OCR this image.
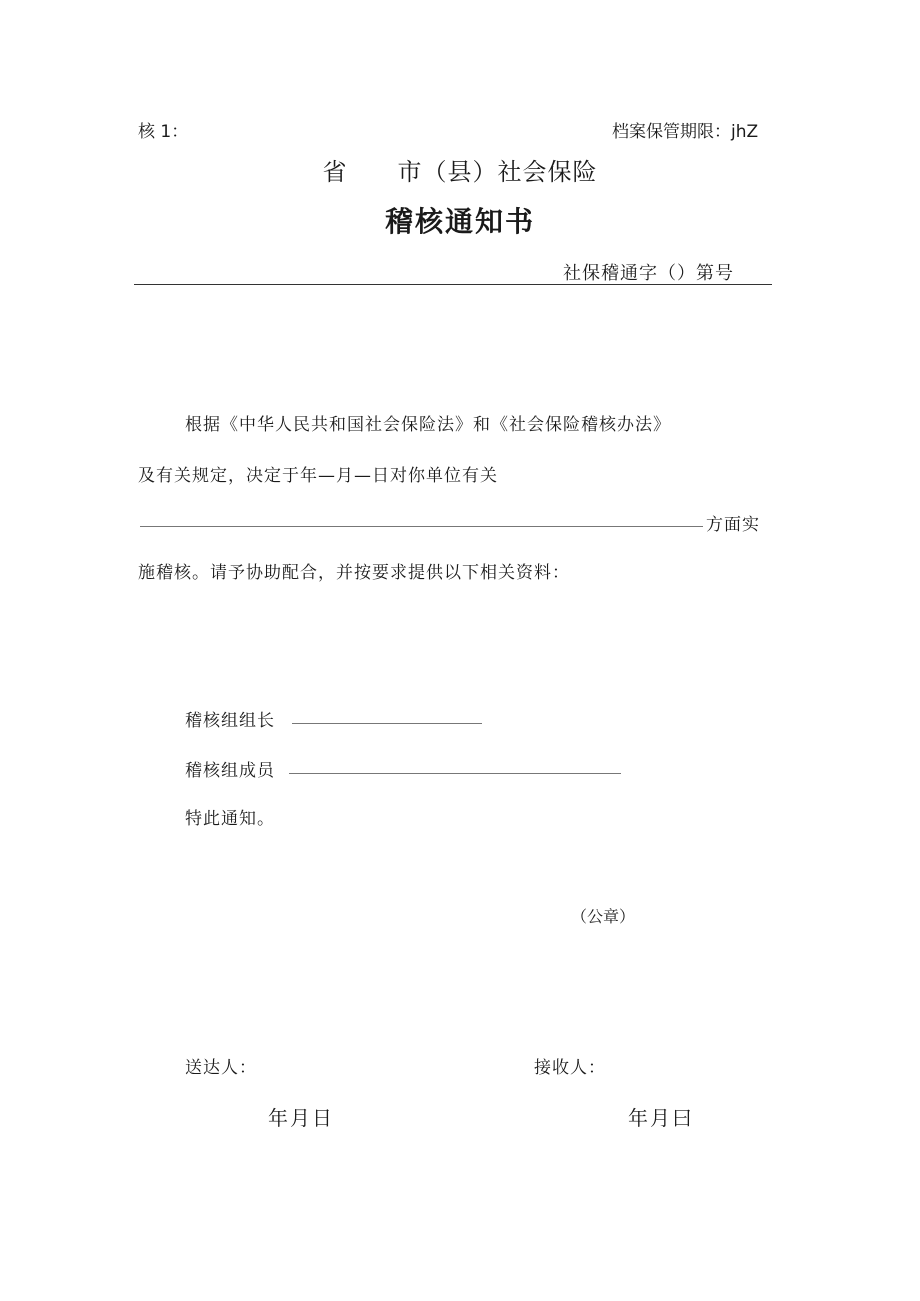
核 1：	档案保管期限：jhZ
省　　市（县）社会保险
稽核通知书
社保稽通字（）第号
根据《中华人民共和国社会保险法》和《社会保险稽核办法》
及有关规定，决定于年—月—日对你单位有关
方面实
施稽核。请予协助配合，并按要求提供以下相关资料：
稽核组组长
稽核组成员
特此通知。
（公章）
送达人：	接收人：
年月日	年月曰
